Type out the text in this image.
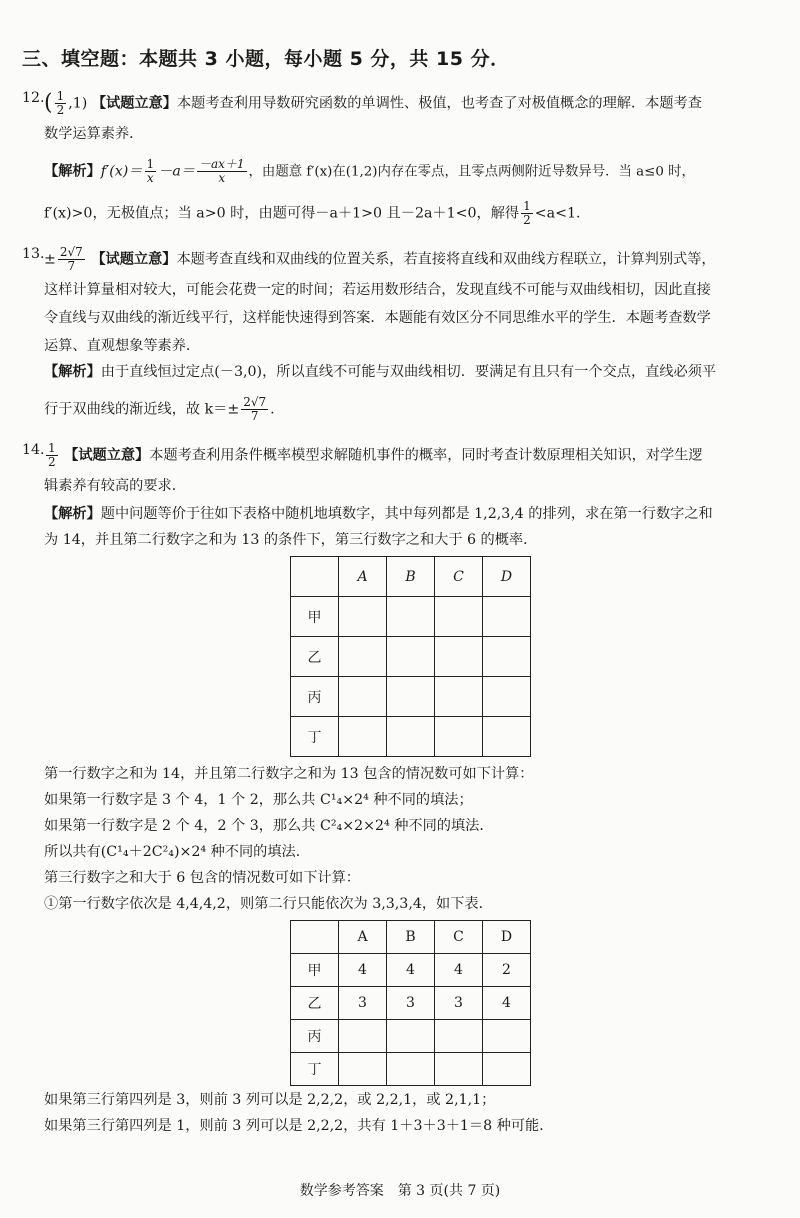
三、填空题：本题共 3 小题，每小题 5 分，共 15 分．
12. ( $\frac{1}{2} ,1$) 【试题立意】本题考查利用导数研究函数的单调性、极值，也考查了对极值概念的理解．本题考查
数学运算素养．
【解析】$f'(x)= \frac{1}{x} -a= \frac{-ax+1}{x}$ ，由题意 f′(x)在(1,2)内存在零点，且零点两侧附近导数异号．当 a≤0 时，
f′(x)>0，无极值点；当 a>0 时，由题可得－a＋1>0 且－2a＋1<0，解得 $\frac{1}{2} <a<1$.
13. ± $\frac{2√7}{7}$ 【试题立意】本题考查直线和双曲线的位置关系，若直接将直线和双曲线方程联立，计算判别式等，
这样计算量相对较大，可能会花费一定的时间；若运用数形结合，发现直线不可能与双曲线相切，因此直接
令直线与双曲线的渐近线平行，这样能快速得到答案．本题能有效区分不同思维水平的学生．本题考查数学
运算、直观想象等素养．
【解析】由于直线恒过定点(－3,0)，所以直线不可能与双曲线相切．要满足有且只有一个交点，直线必须平
行于双曲线的渐近线，故 $k=\pm \frac{2√7}{7}$ .
14. $\frac{1}{2}$ 【试题立意】本题考查利用条件概率模型求解随机事件的概率，同时考查计数原理相关知识，对学生逻
辑素养有较高的要求．
【解析】题中问题等价于往如下表格中随机地填数字，其中每列都是 1,2,3,4 的排列，求在第一行数字之和
为 14，并且第二行数字之和为 13 的条件下，第三行数字之和大于 6 的概率．
	A	B	C	D
甲				
乙				
丙				
丁				
第一行数字之和为 14，并且第二行数字之和为 13 包含的情况数可如下计算：
如果第一行数字是 3 个 4，1 个 2，那么共 C¹₄×2⁴ 种不同的填法；
如果第一行数字是 2 个 4，2 个 3，那么共 C²₄×2×2⁴ 种不同的填法．
所以共有(C¹₄＋2C²₄)×2⁴ 种不同的填法．
第三行数字之和大于 6 包含的情况数可如下计算：
①第一行数字依次是 4,4,4,2，则第二行只能依次为 3,3,3,4，如下表．
	A	B	C	D
甲	4	4	4	2
乙	3	3	3	4
丙				
丁				
如果第三行第四列是 3，则前 3 列可以是 2,2,2，或 2,2,1，或 2,1,1；
如果第三行第四列是 1，则前 3 列可以是 2,2,2，共有 1＋3＋3＋1＝8 种可能．
数学参考答案　第 3 页(共 7 页)
